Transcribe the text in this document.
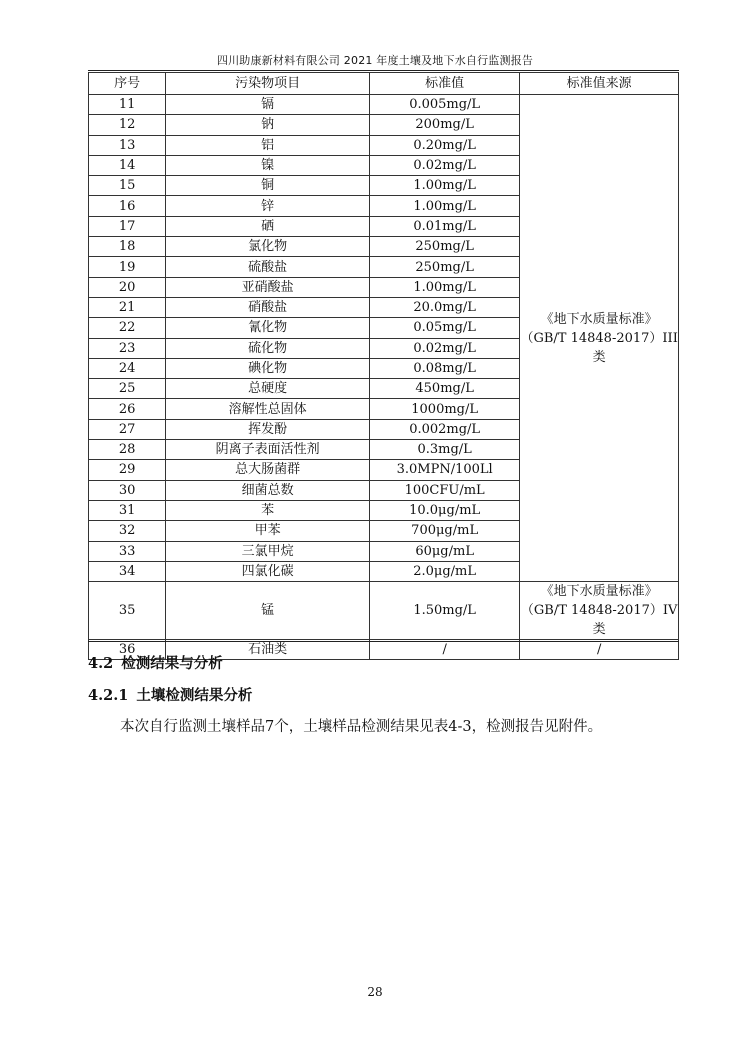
四川助康新材料有限公司 2021 年度土壤及地下水自行监测报告
序号	污染物项目	标准值	标准值来源
11	镉	0.005mg/L	《地下水质量标准》
（GB/T 14848-2017）III
类

12	钠	200mg/L	
13	铝	0.20mg/L	
14	镍	0.02mg/L	
15	铜	1.00mg/L	
16	锌	1.00mg/L	
17	硒	0.01mg/L	
18	氯化物	250mg/L	
19	硫酸盐	250mg/L	
20	亚硝酸盐	1.00mg/L	
21	硝酸盐	20.0mg/L	
22	氰化物	0.05mg/L	
23	硫化物	0.02mg/L	
24	碘化物	0.08mg/L	
25	总硬度	450mg/L	
26	溶解性总固体	1000mg/L	
27	挥发酚	0.002mg/L	
28	阴离子表面活性剂	0.3mg/L	
29	总大肠菌群	3.0MPN/100Ll	
30	细菌总数	100CFU/mL	
31	苯	10.0μg/mL	
32	甲苯	700μg/mL	
33	三氯甲烷	60μg/mL	
34	四氯化碳	2.0μg/mL	
35	锰	1.50mg/L	《地下水质量标准》
（GB/T 14848-2017）IV类

36	石油类	/	/
4.2 检测结果与分析
4.2.1 土壤检测结果分析
本次自行监测土壤样品7个，土壤样品检测结果见表4-3，检测报告见附件。
28
